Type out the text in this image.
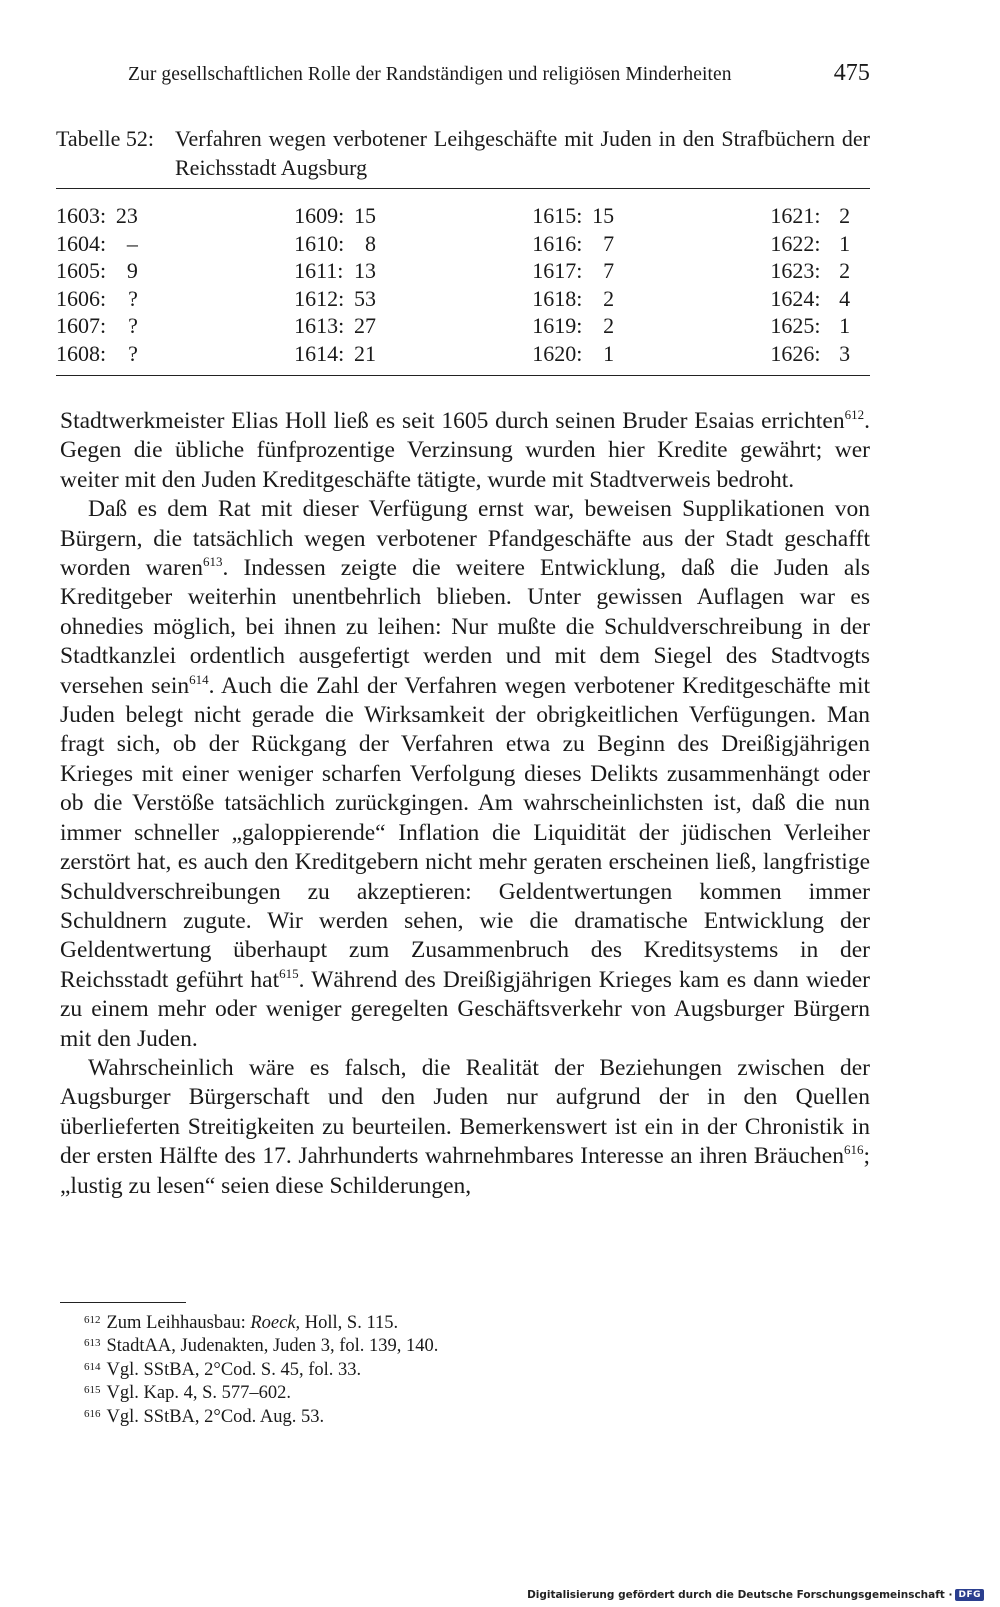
Zur gesellschaftlichen Rolle der Randständigen und religiösen Minderheiten	475
Tabelle 52: Verfahren wegen verbotener Leihgeschäfte mit Juden in den Strafbüchern der Reichsstadt Augsburg
1603:	23		1609:	15		1615:	15		1621:	2	
1604:	–		1610:	8		1616:	7		1622:	1	
1605:	9		1611:	13		1617:	7		1623:	2	
1606:	?		1612:	53		1618:	2		1624:	4	
1607:	?		1613:	27		1619:	2		1625:	1	
1608:	?		1614:	21		1620:	1		1626:	3	

Stadtwerkmeister Elias Holl ließ es seit 1605 durch seinen Bruder Esaias errichten$^{612}$. Gegen die übliche fünfprozentige Verzinsung wurden hier Kredite gewährt; wer weiter mit den Juden Kreditgeschäfte tätigte, wurde mit Stadtverweis bedroht.

Daß es dem Rat mit dieser Verfügung ernst war, beweisen Supplikationen von Bürgern, die tatsächlich wegen verbotener Pfandgeschäfte aus der Stadt geschafft worden waren$^{613}$. Indessen zeigte die weitere Entwicklung, daß die Juden als Kreditgeber weiterhin unentbehrlich blieben. Unter gewissen Auflagen war es ohnedies möglich, bei ihnen zu leihen: Nur mußte die Schuldverschreibung in der Stadtkanzlei ordentlich ausgefertigt werden und mit dem Siegel des Stadtvogts versehen sein$^{614}$. Auch die Zahl der Verfahren wegen verbotener Kreditgeschäfte mit Juden belegt nicht gerade die Wirksamkeit der obrigkeitlichen Verfügungen. Man fragt sich, ob der Rückgang der Verfahren etwa zu Beginn des Dreißigjährigen Krieges mit einer weniger scharfen Verfolgung dieses Delikts zusammenhängt oder ob die Verstöße tatsächlich zurückgingen. Am wahrscheinlichsten ist, daß die nun immer schneller „galoppierende“ Inflation die Liquidität der jüdischen Verleiher zerstört hat, es auch den Kreditgebern nicht mehr geraten erscheinen ließ, langfristige Schuldverschreibungen zu akzeptieren: Geldentwertungen kommen immer Schuldnern zugute. Wir werden sehen, wie die dramatische Entwicklung der Geldentwertung überhaupt zum Zusammenbruch des Kreditsystems in der Reichsstadt geführt hat$^{615}$. Während des Dreißigjährigen Krieges kam es dann wieder zu einem mehr oder weniger geregelten Geschäftsverkehr von Augsburger Bürgern mit den Juden.

Wahrscheinlich wäre es falsch, die Realität der Beziehungen zwischen der Augsburger Bürgerschaft und den Juden nur aufgrund der in den Quellen überlieferten Streitigkeiten zu beurteilen. Bemerkenswert ist ein in der Chronistik in der ersten Hälfte des 17. Jahrhunderts wahrnehmbares Interesse an ihren Bräuchen$^{616}$; „lustig zu lesen“ seien diese Schilderungen,

$^{612}$ Zum Leihhausbau: Roeck, Holl, S. 115.
$^{613}$ StadtAA, Judenakten, Juden 3, fol. 139, 140.
$^{614}$ Vgl. SStBA, 2°Cod. S. 45, fol. 33.
$^{615}$ Vgl. Kap. 4, S. 577–602.
$^{616}$ Vgl. SStBA, 2°Cod. Aug. 53.
Digitalisierung gefördert durch die Deutsche Forschungsgemeinschaft · DFG
